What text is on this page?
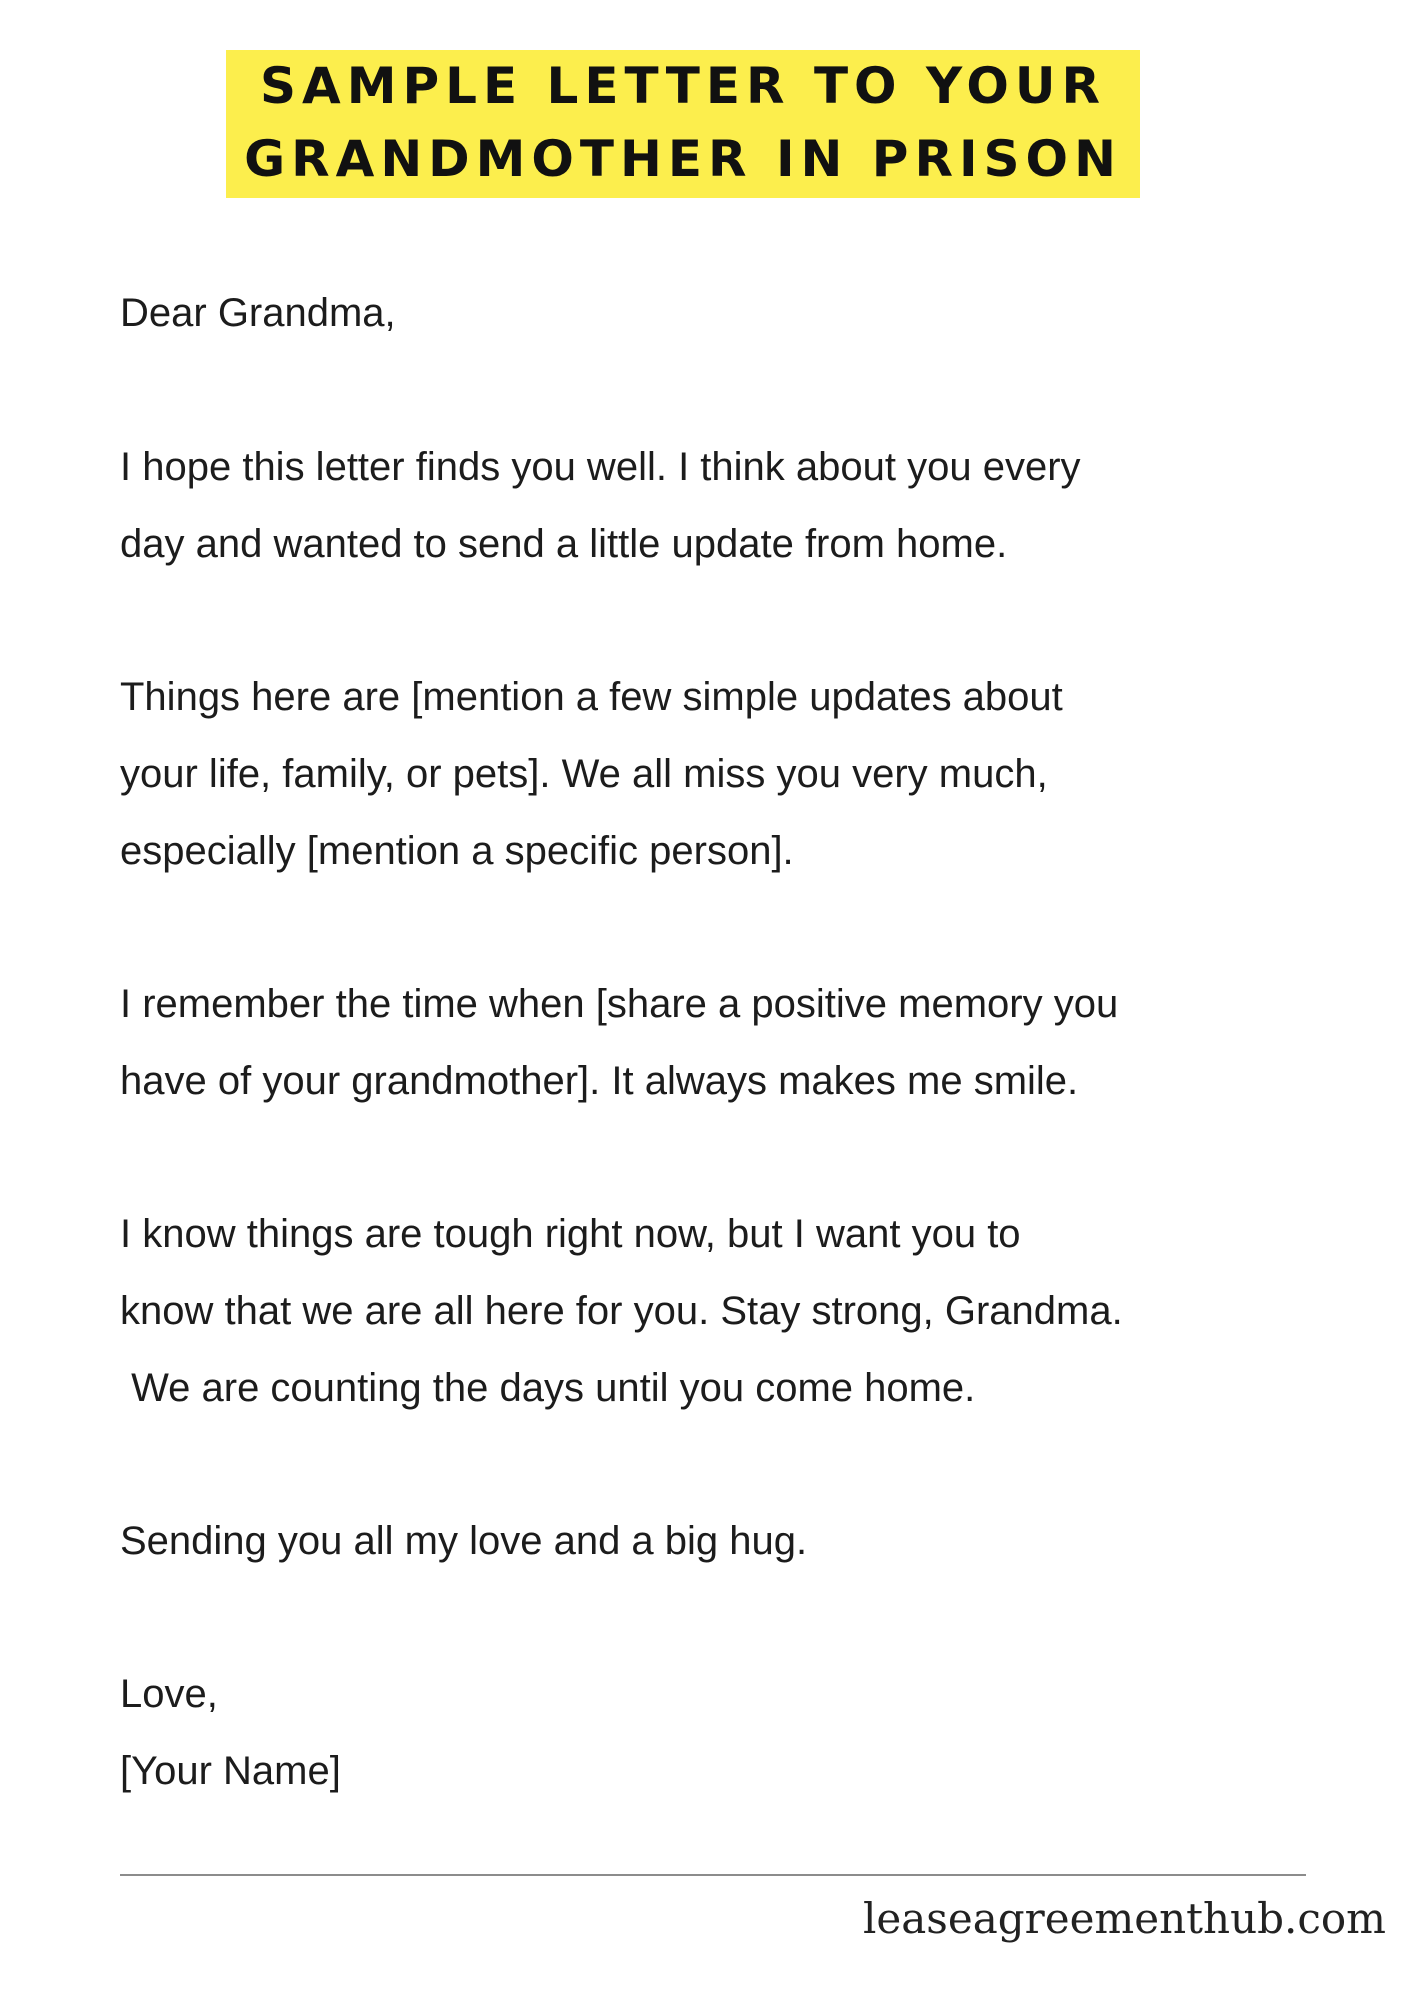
SAMPLE LETTER TO YOUR
GRANDMOTHER IN PRISON
Dear Grandma,
I hope this letter finds you well. I think about you every
day and wanted to send a little update from home.
Things here are [mention a few simple updates about
your life, family, or pets]. We all miss you very much,
especially [mention a specific person].
I remember the time when [share a positive memory you
have of your grandmother]. It always makes me smile.
I know things are tough right now, but I want you to
know that we are all here for you. Stay strong, Grandma.
We are counting the days until you come home.
Sending you all my love and a big hug.
Love,
[Your Name]
leaseagreementhub.com
